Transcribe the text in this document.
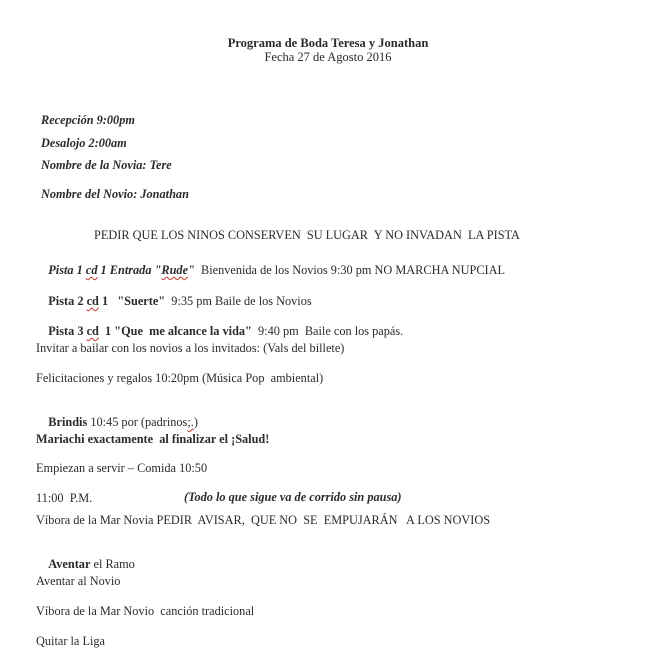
Programa de Boda Teresa y Jonathan
Fecha 27 de Agosto 2016
Recepción 9:00pm
Desalojo 2:00am
Nombre de la Novia: Tere
Nombre del Novio: Jonathan
PEDIR QUE LOS NINOS CONSERVEN  SU LUGAR  Y NO INVADAN  LA PISTA

Pista 1 cd 1 Entrada "Rude"  Bienvenida de los Novios 9:30 pm NO MARCHA NUPCIAL

Pista 2 cd 1   "Suerte"  9:35 pm Baile de los Novios

Pista 3 cd  1 "Que  me alcance la vida"  9:40 pm  Baile con los papás.

Invitar a bailar con los novios a los invitados: (Vals del billete)
Felicitaciones y regalos 10:20pm (Música Pop  ambiental)

Brindis 10:45 por (padrinos;.)

Mariachi exactamente  al finalizar el ¡Salud!
Empiezan a servir – Comida 10:50
11:00  P.M.	(Todo lo que sigue va de corrido sin pausa)
Víbora de la Mar Novia PEDIR  AVISAR,  QUE NO  SE  EMPUJARÁN   A LOS NOVIOS

Aventar el Ramo

Aventar al Novio
Víbora de la Mar Novio  canción tradicional
Quitar la Liga
